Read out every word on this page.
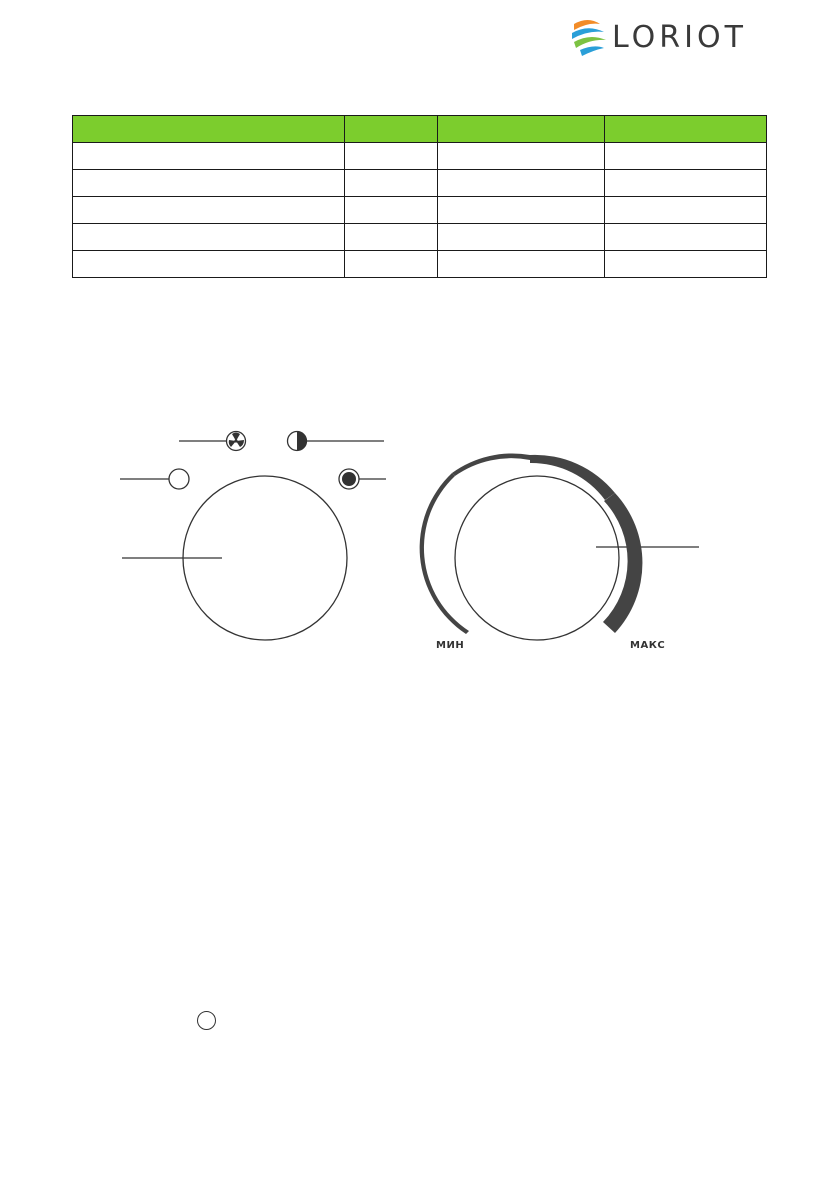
LORIOT

МИН	МАКС
